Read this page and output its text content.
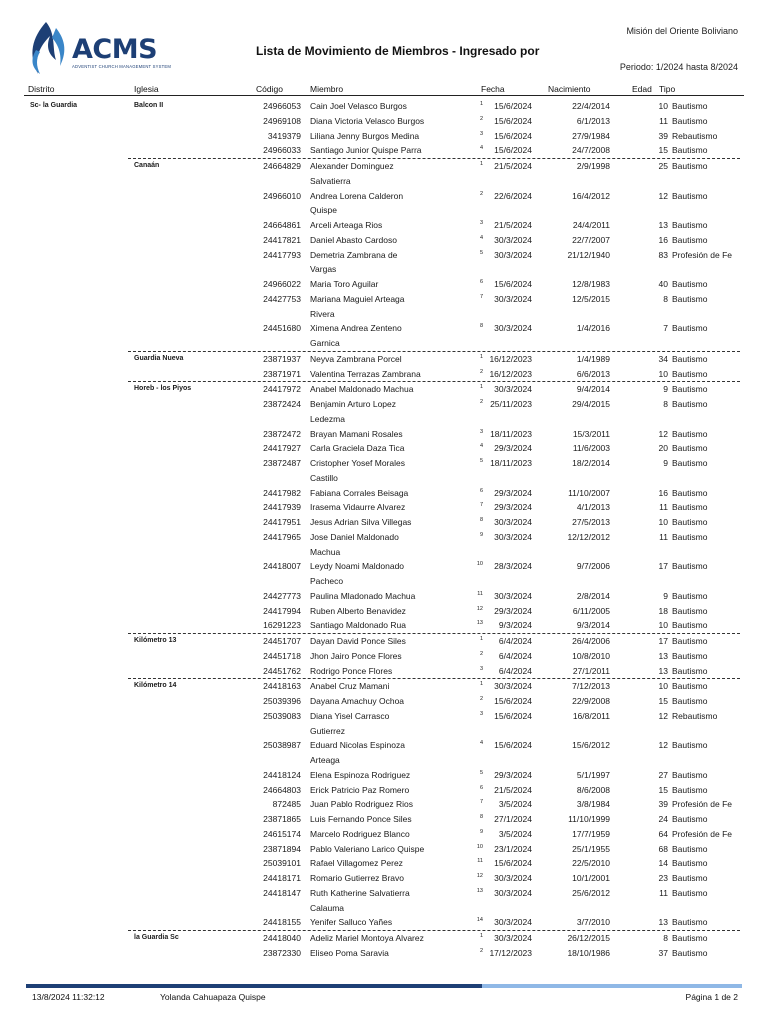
ACMS
ADVENTIST CHURCH MANAGEMENT SYSTEM
Lista de Movimiento de Miembros - Ingresado por
Misión del Oriente Boliviano
Periodo: 1/2024 hasta 8/2024
Distrito	Iglesia	Código	Miembro	Fecha	Nacimiento	Edad Tipo
Sc- la Guardia	Balcon II	24966053 Cain Joel Velasco Burgos	1 15/6/2024	22/4/2014	10 Bautismo
24969108 Diana Victoria Velasco Burgos	2 15/6/2024	6/1/2013	11 Bautismo
3419379 Liliana Jenny Burgos Medina	3 15/6/2024	27/9/1984	39 Rebautismo
24966033 Santiago Junior Quispe Parra	4 15/6/2024	24/7/2008	15 Bautismo
Canaán	24664829 Alexander Dominguez	1 21/5/2024	2/9/1998	25 Bautismo
Salvatierra
24966010 Andrea Lorena Calderon	2 22/6/2024	16/4/2012	12 Bautismo
Quispe
24664861 Arceli Arteaga Rios	3 21/5/2024	24/4/2011	13 Bautismo
24417821 Daniel Abasto Cardoso	4 30/3/2024	22/7/2007	16 Bautismo
24417793 Demetria Zambrana de	5 30/3/2024	21/12/1940	83 Profesión de Fe
Vargas
24966022 Maria Toro Aguilar	6 15/6/2024	12/8/1983	40 Bautismo
24427753 Mariana Maguiel Arteaga	7 30/3/2024	12/5/2015	8 Bautismo
Rivera
24451680 Ximena Andrea Zenteno	8 30/3/2024	1/4/2016	7 Bautismo
Garnica
Guardia Nueva	23871937 Neyva Zambrana Porcel	1 16/12/2023	1/4/1989	34 Bautismo
23871971 Valentina Terrazas Zambrana	2 16/12/2023	6/6/2013	10 Bautismo
Horeb - los Piyos	24417972 Anabel Maldonado Machua	1 30/3/2024	9/4/2014	9 Bautismo
23872424 Benjamin Arturo Lopez	2 25/11/2023	29/4/2015	8 Bautismo
Ledezma
23872472 Brayan Mamani Rosales	3 18/11/2023	15/3/2011	12 Bautismo
24417927 Carla Graciela Daza Tica	4 29/3/2024	11/6/2003	20 Bautismo
23872487 Cristopher Yosef Morales	5 18/11/2023	18/2/2014	9 Bautismo
Castillo
24417982 Fabiana Corrales Beisaga	6 29/3/2024	11/10/2007	16 Bautismo
24417939 Irasema Vidaurre Alvarez	7 29/3/2024	4/1/2013	11 Bautismo
24417951 Jesus Adrian Silva Villegas	8 30/3/2024	27/5/2013	10 Bautismo
24417965 Jose Daniel Maldonado	9 30/3/2024	12/12/2012	11 Bautismo
Machua
24418007 Leydy Noami Maldonado	10 28/3/2024	9/7/2006	17 Bautismo
Pacheco
24427773 Paulina Mladonado Machua	11 30/3/2024	2/8/2014	9 Bautismo
24417994 Ruben Alberto Benavidez	12 29/3/2024	6/11/2005	18 Bautismo
16291223 Santiago Maldonado Rua	13 9/3/2024	9/3/2014	10 Bautismo
Kilómetro 13	24451707 Dayan David Ponce Siles	1 6/4/2024	26/4/2006	17 Bautismo
24451718 Jhon Jairo Ponce Flores	2 6/4/2024	10/8/2010	13 Bautismo
24451762 Rodrigo Ponce Flores	3 6/4/2024	27/1/2011	13 Bautismo
Kilómetro 14	24418163 Anabel Cruz Mamani	1 30/3/2024	7/12/2013	10 Bautismo
25039396 Dayana Amachuy Ochoa	2 15/6/2024	22/9/2008	15 Bautismo
25039083 Diana Yisel Carrasco	3 15/6/2024	16/8/2011	12 Rebautismo
Gutierrez
25038987 Eduard Nicolas Espinoza	4 15/6/2024	15/6/2012	12 Bautismo
Arteaga
24418124 Elena Espinoza Rodriguez	5 29/3/2024	5/1/1997	27 Bautismo
24664803 Erick Patricio Paz Romero	6 21/5/2024	8/6/2008	15 Bautismo
872485 Juan Pablo Rodriguez Rios	7 3/5/2024	3/8/1984	39 Profesión de Fe
23871865 Luis Fernando Ponce Siles	8 27/1/2024	11/10/1999	24 Bautismo
24615174 Marcelo Rodriguez Blanco	9 3/5/2024	17/7/1959	64 Profesión de Fe
23871894 Pablo Valeriano Larico Quispe	10 23/1/2024	25/1/1955	68 Bautismo
25039101 Rafael Villagomez Perez	11 15/6/2024	22/5/2010	14 Bautismo
24418171 Romario Gutierrez Bravo	12 30/3/2024	10/1/2001	23 Bautismo
24418147 Ruth Katherine Salvatierra	13 30/3/2024	25/6/2012	11 Bautismo
Calauma
24418155 Yenifer Salluco Yañes	14 30/3/2024	3/7/2010	13 Bautismo
la Guardia Sc	24418040 Adeliz Mariel Montoya Alvarez	1 30/3/2024	26/12/2015	8 Bautismo
23872330 Eliseo Poma Saravia	2 17/12/2023	18/10/1986	37 Bautismo
13/8/2024 11:32:12	Yolanda Cahuapaza Quispe	Página 1 de 2
